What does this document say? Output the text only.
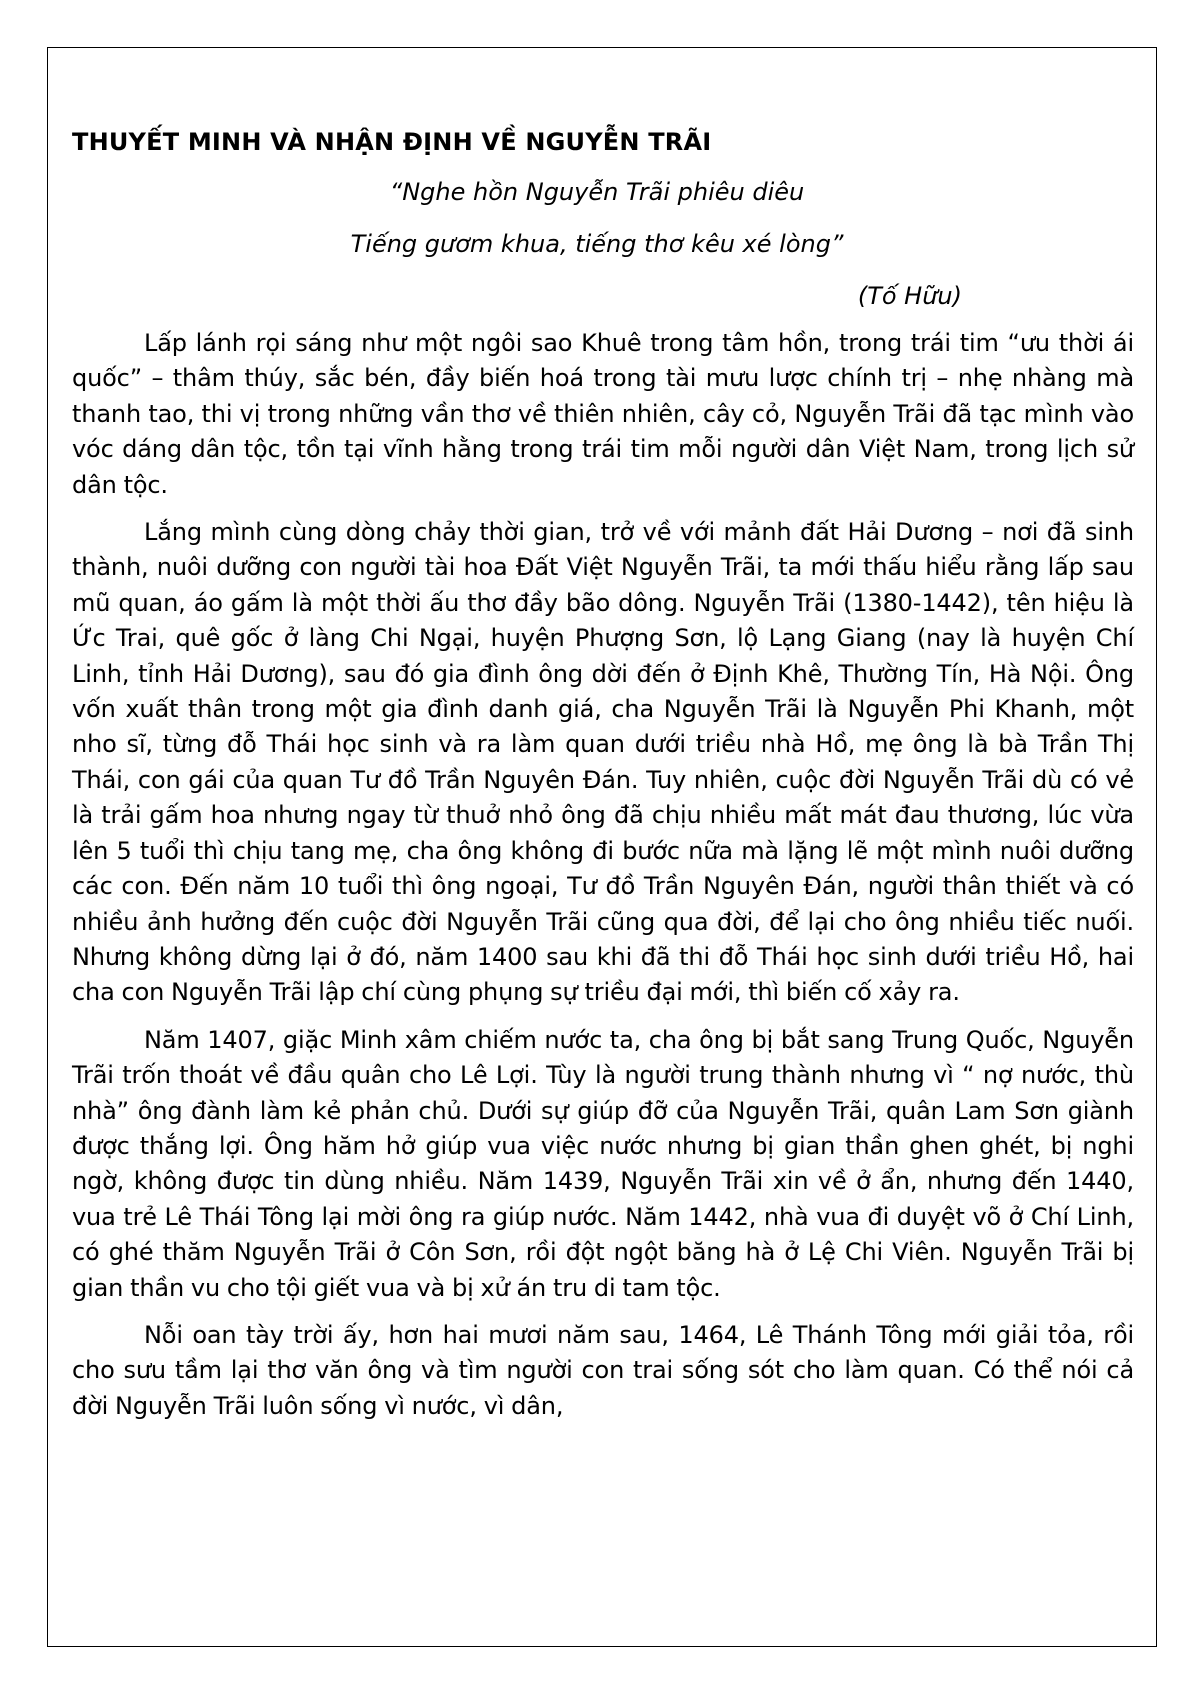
THUYẾT MINH VÀ NHẬN ĐỊNH VỀ NGUYỄN TRÃI
“Nghe hồn Nguyễn Trãi phiêu diêu
Tiếng gươm khua, tiếng thơ kêu xé lòng”
(Tố Hữu)

Lấp lánh rọi sáng như một ngôi sao Khuê trong tâm hồn, trong trái tim “ưu thời ái quốc” – thâm thúy, sắc bén, đầy biến hoá trong tài mưu lược chính trị – nhẹ nhàng mà thanh tao, thi vị trong những vần thơ về thiên nhiên, cây cỏ, Nguyễn Trãi đã tạc mình vào vóc dáng dân tộc, tồn tại vĩnh hằng trong trái tim mỗi người dân Việt Nam, trong lịch sử dân tộc.

Lắng mình cùng dòng chảy thời gian, trở về với mảnh đất Hải Dương – nơi đã sinh thành, nuôi dưỡng con người tài hoa Đất Việt Nguyễn Trãi, ta mới thấu hiểu rằng lấp sau mũ quan, áo gấm là một thời ấu thơ đầy bão dông. Nguyễn Trãi (1380-1442), tên hiệu là Ức Trai, quê gốc ở làng Chi Ngại, huyện Phượng Sơn, lộ Lạng Giang (nay là huyện Chí Linh, tỉnh Hải Dương), sau đó gia đình ông dời đến ở Định Khê, Thường Tín, Hà Nội. Ông vốn xuất thân trong một gia đình danh giá, cha Nguyễn Trãi là Nguyễn Phi Khanh, một nho sĩ, từng đỗ Thái học sinh và ra làm quan dưới triều nhà Hồ, mẹ ông là bà Trần Thị Thái, con gái của quan Tư đồ Trần Nguyên Đán. Tuy nhiên, cuộc đời Nguyễn Trãi dù có vẻ là trải gấm hoa nhưng ngay từ thuở nhỏ ông đã chịu nhiều mất mát đau thương, lúc vừa lên 5 tuổi thì chịu tang mẹ, cha ông không đi bước nữa mà lặng lẽ một mình nuôi dưỡng các con. Đến năm 10 tuổi thì ông ngoại, Tư đồ Trần Nguyên Đán, người thân thiết và có nhiều ảnh hưởng đến cuộc đời Nguyễn Trãi cũng qua đời, để lại cho ông nhiều tiếc nuối. Nhưng không dừng lại ở đó, năm 1400 sau khi đã thi đỗ Thái học sinh dưới triều Hồ, hai cha con Nguyễn Trãi lập chí cùng phụng sự triều đại mới, thì biến cố xảy ra.

Năm 1407, giặc Minh xâm chiếm nước ta, cha ông bị bắt sang Trung Quốc, Nguyễn Trãi trốn thoát về đầu quân cho Lê Lợi. Tùy là người trung thành nhưng vì “ nợ nước, thù nhà” ông đành làm kẻ phản chủ. Dưới sự giúp đỡ của Nguyễn Trãi, quân Lam Sơn giành được thắng lợi. Ông hăm hở giúp vua việc nước nhưng bị gian thần ghen ghét, bị nghi ngờ, không được tin dùng nhiều. Năm 1439, Nguyễn Trãi xin về ở ẩn, nhưng đến 1440, vua trẻ Lê Thái Tông lại mời ông ra giúp nước. Năm 1442, nhà vua đi duyệt võ ở Chí Linh, có ghé thăm Nguyễn Trãi ở Côn Sơn, rồi đột ngột băng hà ở Lệ Chi Viên. Nguyễn Trãi bị gian thần vu cho tội giết vua và bị xử án tru di tam tộc.

Nỗi oan tày trời ấy, hơn hai mươi năm sau, 1464, Lê Thánh Tông mới giải tỏa, rồi cho sưu tầm lại thơ văn ông và tìm người con trai sống sót cho làm quan. Có thể nói cả đời Nguyễn Trãi luôn sống vì nước, vì dân,
